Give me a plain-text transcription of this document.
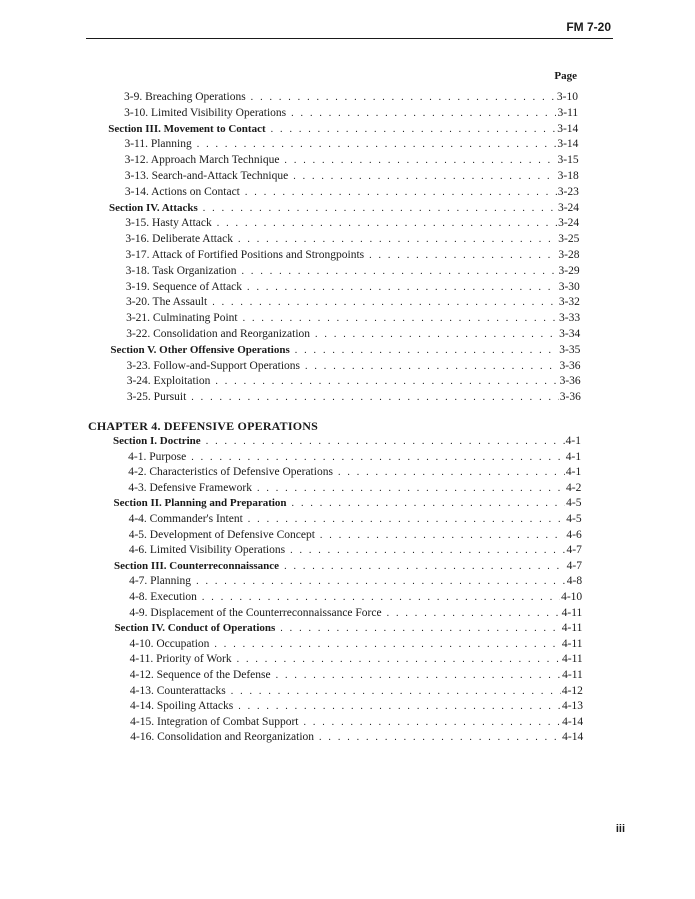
FM 7-20
Page
3-9. Breaching Operations . . .	3-10
3-10. Limited Visibility Operations . . .	3-11
Section III. Movement to Contact . . .	3-14
3-11. Planning . . .	3-14
3-12. Approach March Technique . . .	3-15
3-13. Search-and-Attack Technique . . .	3-18
3-14. Actions on Contact . . .	3-23
Section IV. Attacks . . .	3-24
3-15. Hasty Attack . . .	3-24
3-16. Deliberate Attack . . .	3-25
3-17. Attack of Fortified Positions and Strongpoints . . .	3-28
3-18. Task Organization . . .	3-29
3-19. Sequence of Attack . . .	3-30
3-20. The Assault . . .	3-32
3-21. Culminating Point . . .	3-33
3-22. Consolidation and Reorganization . . .	3-34
Section V. Other Offensive Operations . . .	3-35
3-23. Follow-and-Support Operations . . .	3-36
3-24. Exploitation . . .	3-36
3-25. Pursuit . . .	3-36
CHAPTER 4. DEFENSIVE OPERATIONS
Section I. Doctrine . . .	4-1
4-1. Purpose . . .	4-1
4-2. Characteristics of Defensive Operations . . .	4-1
4-3. Defensive Framework . . .	4-2
Section II. Planning and Preparation . . .	4-5
4-4. Commander's Intent . . .	4-5
4-5. Development of Defensive Concept . . .	4-6
4-6. Limited Visibility Operations . . .	4-7
Section III. Counterreconnaissance . . .	4-7
4-7. Planning . . .	4-8
4-8. Execution . . .	4-10
4-9. Displacement of the Counterreconnaissance Force . . .	4-11
Section IV. Conduct of Operations . . .	4-11
4-10. Occupation . . .	4-11
4-11. Priority of Work . . .	4-11
4-12. Sequence of the Defense . . .	4-11
4-13. Counterattacks . . .	4-12
4-14. Spoiling Attacks . . .	4-13
4-15. Integration of Combat Support . . .	4-14
4-16. Consolidation and Reorganization . . .	4-14
iii
